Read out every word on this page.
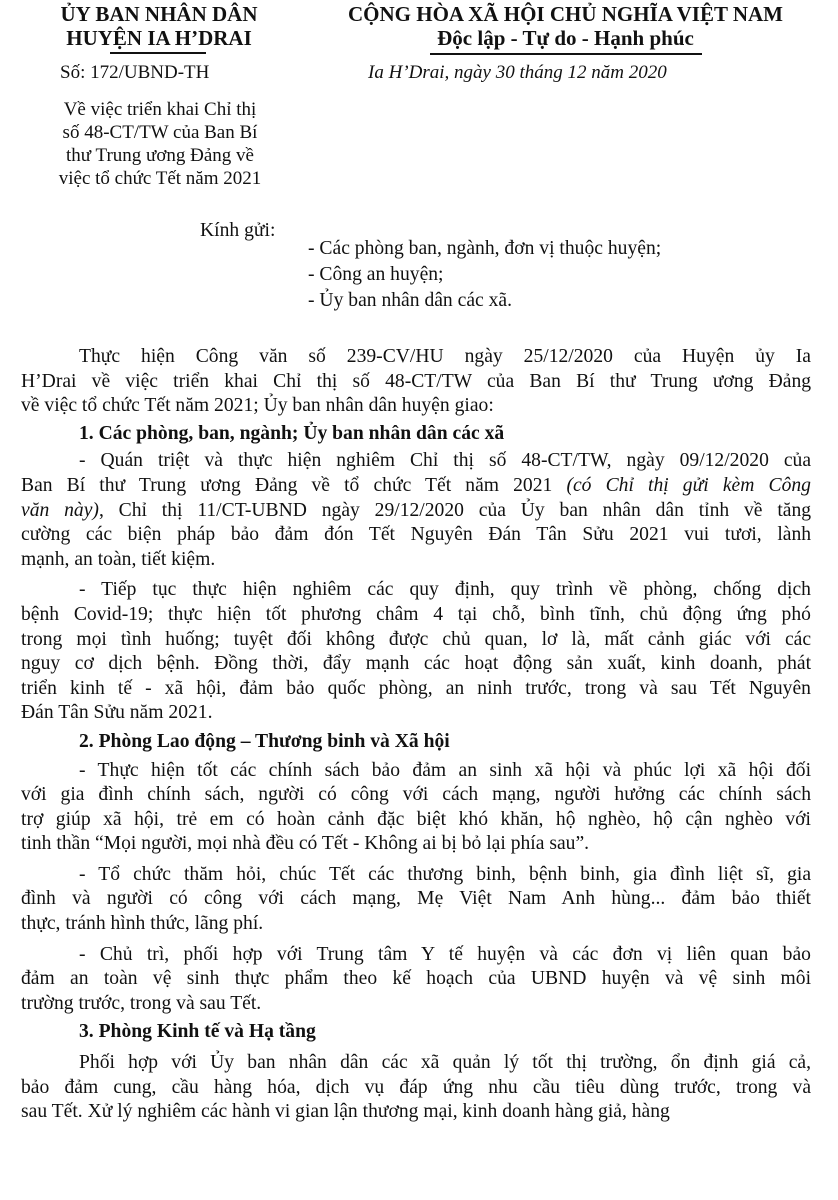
ỦY BAN NHÂN DÂN
HUYỆN IA H’DRAI
CỘNG HÒA XÃ HỘI CHỦ NGHĨA VIỆT NAM
Độc lập - Tự do - Hạnh phúc
Số: 172/UBND-TH	Ia H’Drai, ngày 30 tháng 12 năm 2020

Về việc triển khai Chỉ thị

số 48-CT/TW của Ban Bí

thư Trung ương Đảng về

việc tổ chức Tết năm 2021

Kính gửi:

- Các phòng ban, ngành, đơn vị thuộc huyện;

- Công an huyện;

- Ủy ban nhân dân các xã.

Thực hiện Công văn số 239-CV/HU ngày 25/12/2020 của Huyện ủy Ia
H’Drai về việc triển khai Chỉ thị số 48-CT/TW của Ban Bí thư Trung ương Đảng
về việc tổ chức Tết năm 2021; Ủy ban nhân dân huyện giao:
1. Các phòng, ban, ngành; Ủy ban nhân dân các xã
- Quán triệt và thực hiện nghiêm Chỉ thị số 48-CT/TW, ngày 09/12/2020 của
Ban Bí thư Trung ương Đảng về tổ chức Tết năm 2021 (có Chỉ thị gửi kèm Công
văn này), Chỉ thị 11/CT-UBND ngày 29/12/2020 của Ủy ban nhân dân tỉnh về tăng
cường các biện pháp bảo đảm đón Tết Nguyên Đán Tân Sửu 2021 vui tươi, lành
mạnh, an toàn, tiết kiệm.
- Tiếp tục thực hiện nghiêm các quy định, quy trình về phòng, chống dịch
bệnh Covid-19; thực hiện tốt phương châm 4 tại chỗ, bình tĩnh, chủ động ứng phó
trong mọi tình huống; tuyệt đối không được chủ quan, lơ là, mất cảnh giác với các
nguy cơ dịch bệnh. Đồng thời, đẩy mạnh các hoạt động sản xuất, kinh doanh, phát
triển kinh tế - xã hội, đảm bảo quốc phòng, an ninh trước, trong và sau Tết Nguyên
Đán Tân Sửu năm 2021.
2. Phòng Lao động – Thương binh và Xã hội
- Thực hiện tốt các chính sách bảo đảm an sinh xã hội và phúc lợi xã hội đối
với gia đình chính sách, người có công với cách mạng, người hưởng các chính sách
trợ giúp xã hội, trẻ em có hoàn cảnh đặc biệt khó khăn, hộ nghèo, hộ cận nghèo với
tinh thần “Mọi người, mọi nhà đều có Tết - Không ai bị bỏ lại phía sau”.
- Tổ chức thăm hỏi, chúc Tết các thương binh, bệnh binh, gia đình liệt sĩ, gia
đình và người có công với cách mạng, Mẹ Việt Nam Anh hùng... đảm bảo thiết
thực, tránh hình thức, lãng phí.
- Chủ trì, phối hợp với Trung tâm Y tế huyện và các đơn vị liên quan bảo
đảm an toàn vệ sinh thực phẩm theo kế hoạch của UBND huyện và vệ sinh môi
trường trước, trong và sau Tết.
3. Phòng Kinh tế và Hạ tầng
Phối hợp với Ủy ban nhân dân các xã quản lý tốt thị trường, ổn định giá cả,
bảo đảm cung, cầu hàng hóa, dịch vụ đáp ứng nhu cầu tiêu dùng trước, trong và
sau Tết. Xử lý nghiêm các hành vi gian lận thương mại, kinh doanh hàng giả, hàng
